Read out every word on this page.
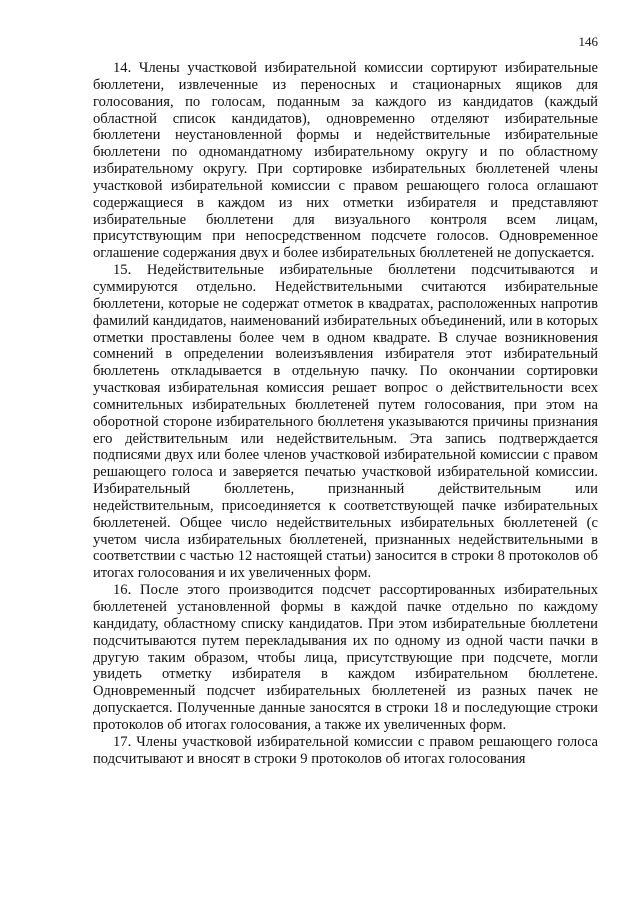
146

14. Члены участковой избирательной комиссии сортируют избирательные бюллетени, извлеченные из переносных и стационарных ящиков для голосования, по голосам, поданным за каждого из кандидатов (каждый областной список кандидатов), одновременно отделяют избирательные бюллетени неустановленной формы и недействительные избирательные бюллетени по одномандатному избирательному округу и по областному избирательному округу. При сортировке избирательных бюллетеней члены участковой избирательной комиссии с правом решающего голоса оглашают содержащиеся в каждом из них отметки избирателя и представляют избирательные бюллетени для визуального контроля всем лицам, присутствующим при непосредственном подсчете голосов. Одновременное оглашение содержания двух и более избирательных бюллетеней не допускается.

15. Недействительные избирательные бюллетени подсчитываются и суммируются отдельно. Недействительными считаются избирательные бюллетени, которые не содержат отметок в квадратах, расположенных напротив фамилий кандидатов, наименований избирательных объединений, или в которых отметки проставлены более чем в одном квадрате. В случае возникновения сомнений в определении волеизъявления избирателя этот избирательный бюллетень откладывается в отдельную пачку. По окончании сортировки участковая избирательная комиссия решает вопрос о действительности всех сомнительных избирательных бюллетеней путем голосования, при этом на оборотной стороне избирательного бюллетеня указываются причины признания его действительным или недействительным. Эта запись подтверждается подписями двух или более членов участковой избирательной комиссии с правом решающего голоса и заверяется печатью участковой избирательной комиссии. Избирательный бюллетень, признанный действительным или недействительным, присоединяется к соответствующей пачке избирательных бюллетеней. Общее число недействительных избирательных бюллетеней (с учетом числа избирательных бюллетеней, признанных недействительными в соответствии с частью 12 настоящей статьи) заносится в строки 8 протоколов об итогах голосования и их увеличенных форм.

16. После этого производится подсчет рассортированных избирательных бюллетеней установленной формы в каждой пачке отдельно по каждому кандидату, областному списку кандидатов. При этом избирательные бюллетени подсчитываются путем перекладывания их по одному из одной части пачки в другую таким образом, чтобы лица, присутствующие при подсчете, могли увидеть отметку избирателя в каждом избирательном бюллетене. Одновременный подсчет избирательных бюллетеней из разных пачек не допускается. Полученные данные заносятся в строки 18 и последующие строки протоколов об итогах голосования, а также их увеличенных форм.

17. Члены участковой избирательной комиссии с правом решающего голоса подсчитывают и вносят в строки 9 протоколов об итогах голосования
